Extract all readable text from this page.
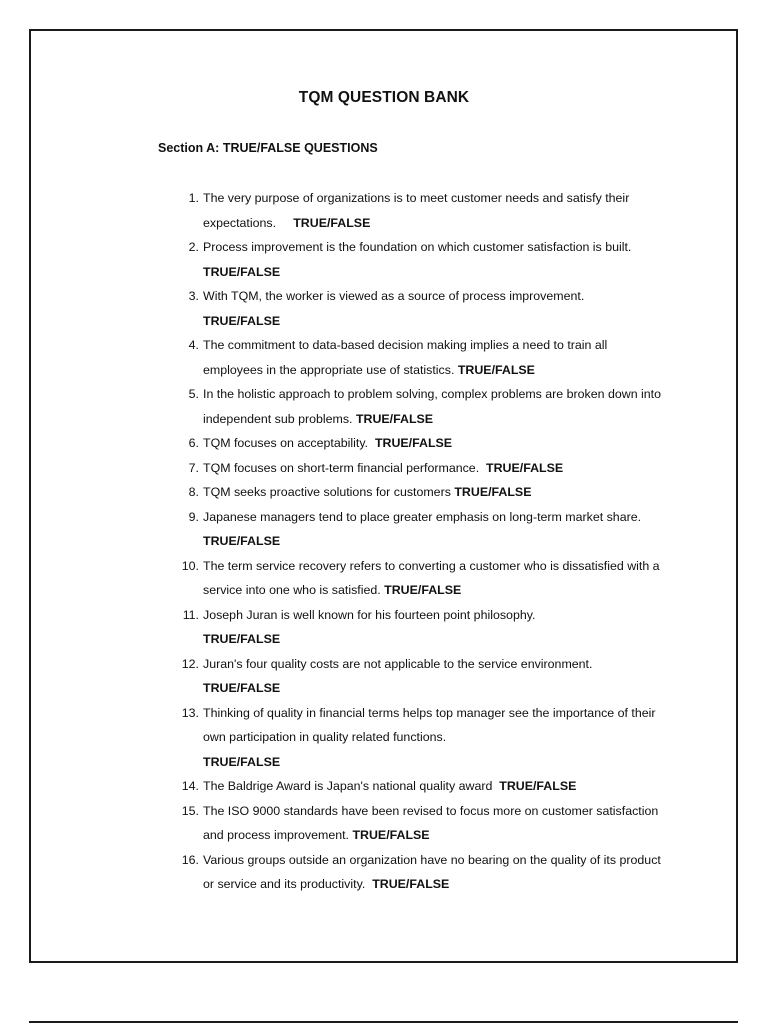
TQM QUESTION BANK
Section A: TRUE/FALSE QUESTIONS
1. The very purpose of organizations is to meet customer needs and satisfy their expectations. TRUE/FALSE
2. Process improvement is the foundation on which customer satisfaction is built. TRUE/FALSE
3. With TQM, the worker is viewed as a source of process improvement.
TRUE/FALSE
4. The commitment to data-based decision making implies a need to train all employees in the appropriate use of statistics. TRUE/FALSE
5. In the holistic approach to problem solving, complex problems are broken down into independent sub problems. TRUE/FALSE
6. TQM focuses on acceptability. TRUE/FALSE
7. TQM focuses on short-term financial performance. TRUE/FALSE
8. TQM seeks proactive solutions for customers TRUE/FALSE
9. Japanese managers tend to place greater emphasis on long-term market share. TRUE/FALSE
10. The term service recovery refers to converting a customer who is dissatisfied with a service into one who is satisfied. TRUE/FALSE
11. Joseph Juran is well known for his fourteen point philosophy.
TRUE/FALSE
12. Juran's four quality costs are not applicable to the service environment.
TRUE/FALSE
13. Thinking of quality in financial terms helps top manager see the importance of their own participation in quality related functions.
TRUE/FALSE
14. The Baldrige Award is Japan's national quality award TRUE/FALSE
15. The ISO 9000 standards have been revised to focus more on customer satisfaction and process improvement. TRUE/FALSE
16. Various groups outside an organization have no bearing on the quality of its product or service and its productivity. TRUE/FALSE
